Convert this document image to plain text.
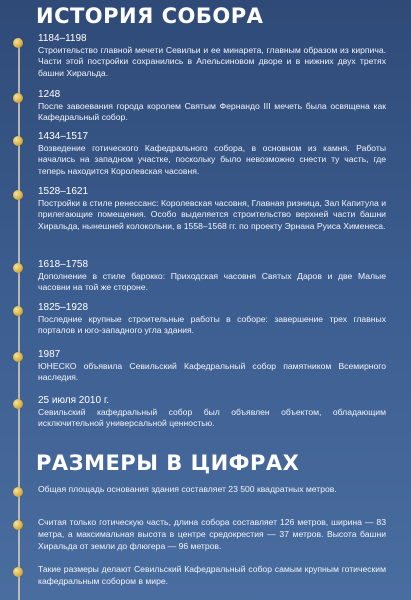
ИСТОРИЯ СОБОРА
1184–1198
Строительство главной мечети Севильи и ее минарета, главным образом из кирпича. Части этой постройки сохранились в Апельсиновом дворе и в нижних двух третях башни Хиральда.
1248
После завоевания города королем Святым Фернандо III мечеть была освящена как Кафедральный собор.
1434–1517
Возведение готического Кафедрального собора, в основном из камня. Работы начались на западном участке, поскольку было невозможно снести ту часть, где теперь находится Королевская часовня.
1528–1621
Постройки в стиле ренессанс: Королевская часовня, Главная ризница, Зал Капитула и прилегающие помещения. Особо выделяется строительство верхней части башни Хиральда, нынешней колокольни, в 1558–1568 гг. по проекту Эрнана Руиса Хименеса.
1618–1758
Дополнение в стиле барокко: Приходская часовня Святых Даров и две Малые часовни на той же стороне.
1825–1928
Последние крупные строительные работы в соборе: завершение трех главных порталов и юго-западного угла здания.
1987
ЮНЕСКО объявила Севильский Кафедральный собор памятником Всемирного наследия.
25 июля 2010 г.
Севильский кафедральный собор был объявлен объектом, обладающим исключительной универсальной ценностью.
РАЗМЕРЫ В ЦИФРАХ
Общая площадь основания здания составляет 23 500 квадратных метров.
Считая только готическую часть, длина собора составляет 126 метров, ширина — 83 метра, а максимальная высота в центре средокрестия — 37 метров. Высота башни Хиральда от земли до флюгера — 96 метров.
Такие размеры делают Севильский Кафедральный собор самым крупным готическим кафедральным собором в мире.
